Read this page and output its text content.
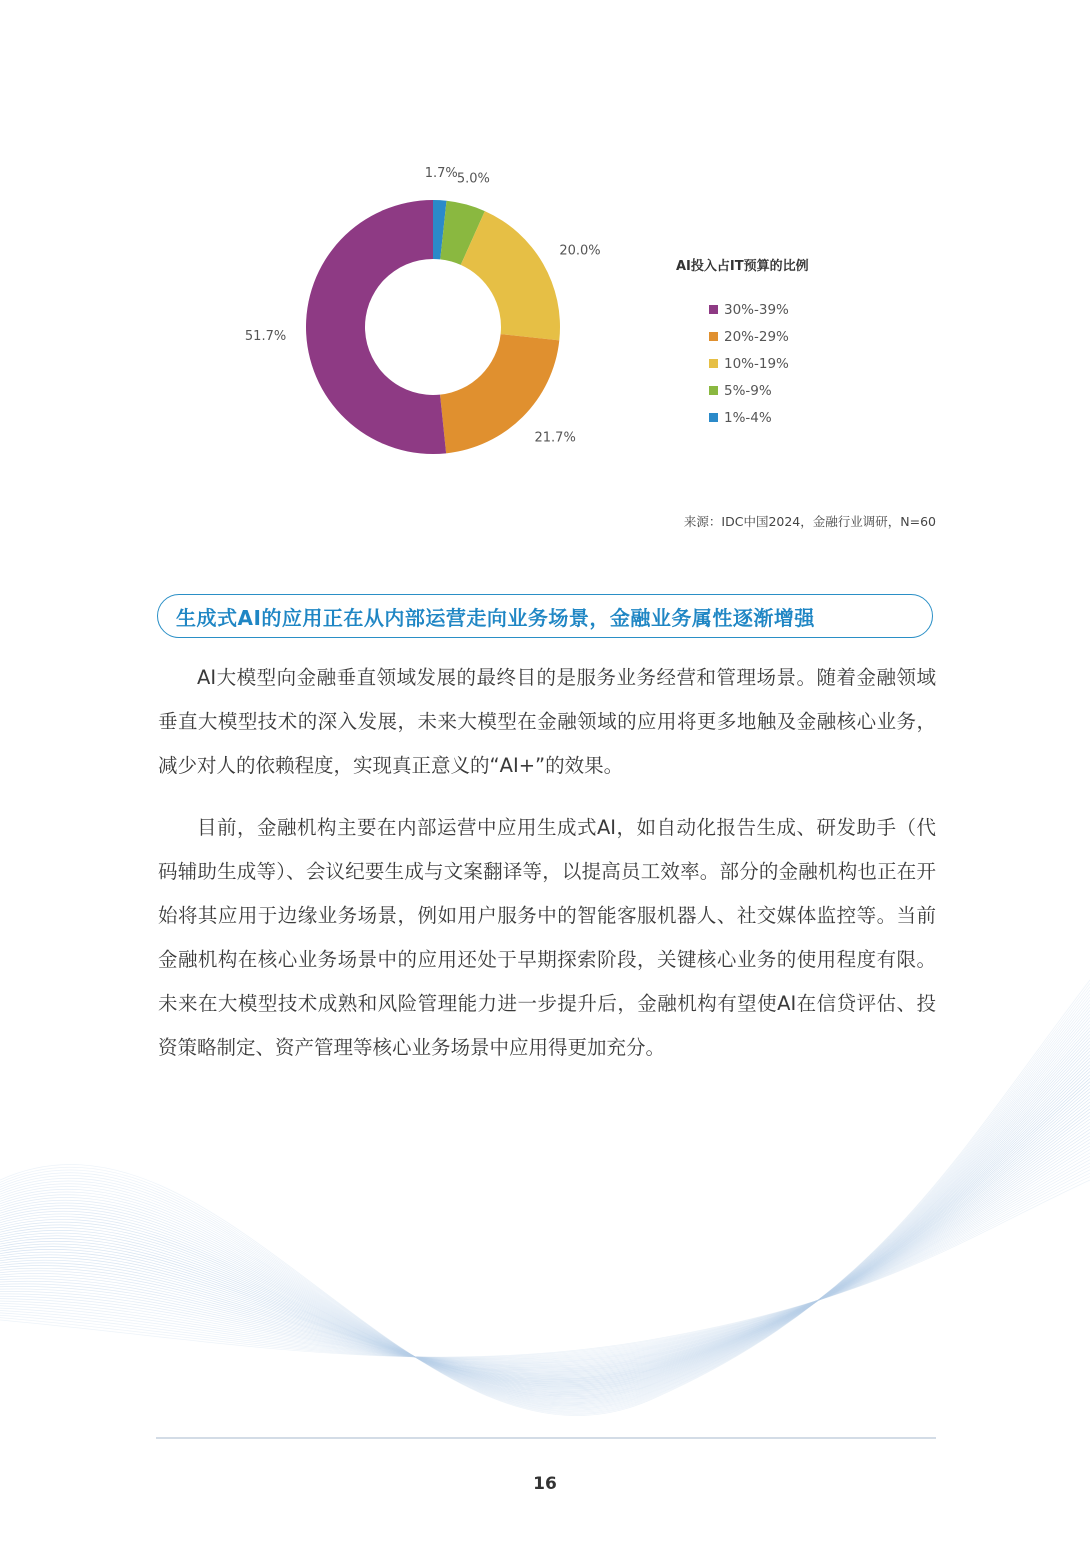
1.7% 5.0%
20.0%
21.7%
51.7%
AI投入占IT预算的比例
30%-39%
20%-29%
10%-19%
5%-9%
1%-4%
来源：IDC中国2024，金融行业调研，N=60
生成式AI的应用正在从内部运营走向业务场景，金融业务属性逐渐增强

AI大模型向金融垂直领域发展的最终目的是服务业务经营和管理场景。随着金融领域垂直大模型技术的深入发展，未来大模型在金融领域的应用将更多地触及金融核心业务，减少对人的依赖程度，实现真正意义的“AI+”的效果。

目前，金融机构主要在内部运营中应用生成式AI，如自动化报告生成、研发助手（代码辅助生成等）、会议纪要生成与文案翻译等，以提高员工效率。部分的金融机构也正在开始将其应用于边缘业务场景，例如用户服务中的智能客服机器人、社交媒体监控等。当前金融机构在核心业务场景中的应用还处于早期探索阶段，关键核心业务的使用程度有限。未来在大模型技术成熟和风险管理能力进一步提升后，金融机构有望使AI在信贷评估、投资策略制定、资产管理等核心业务场景中应用得更加充分。

16
